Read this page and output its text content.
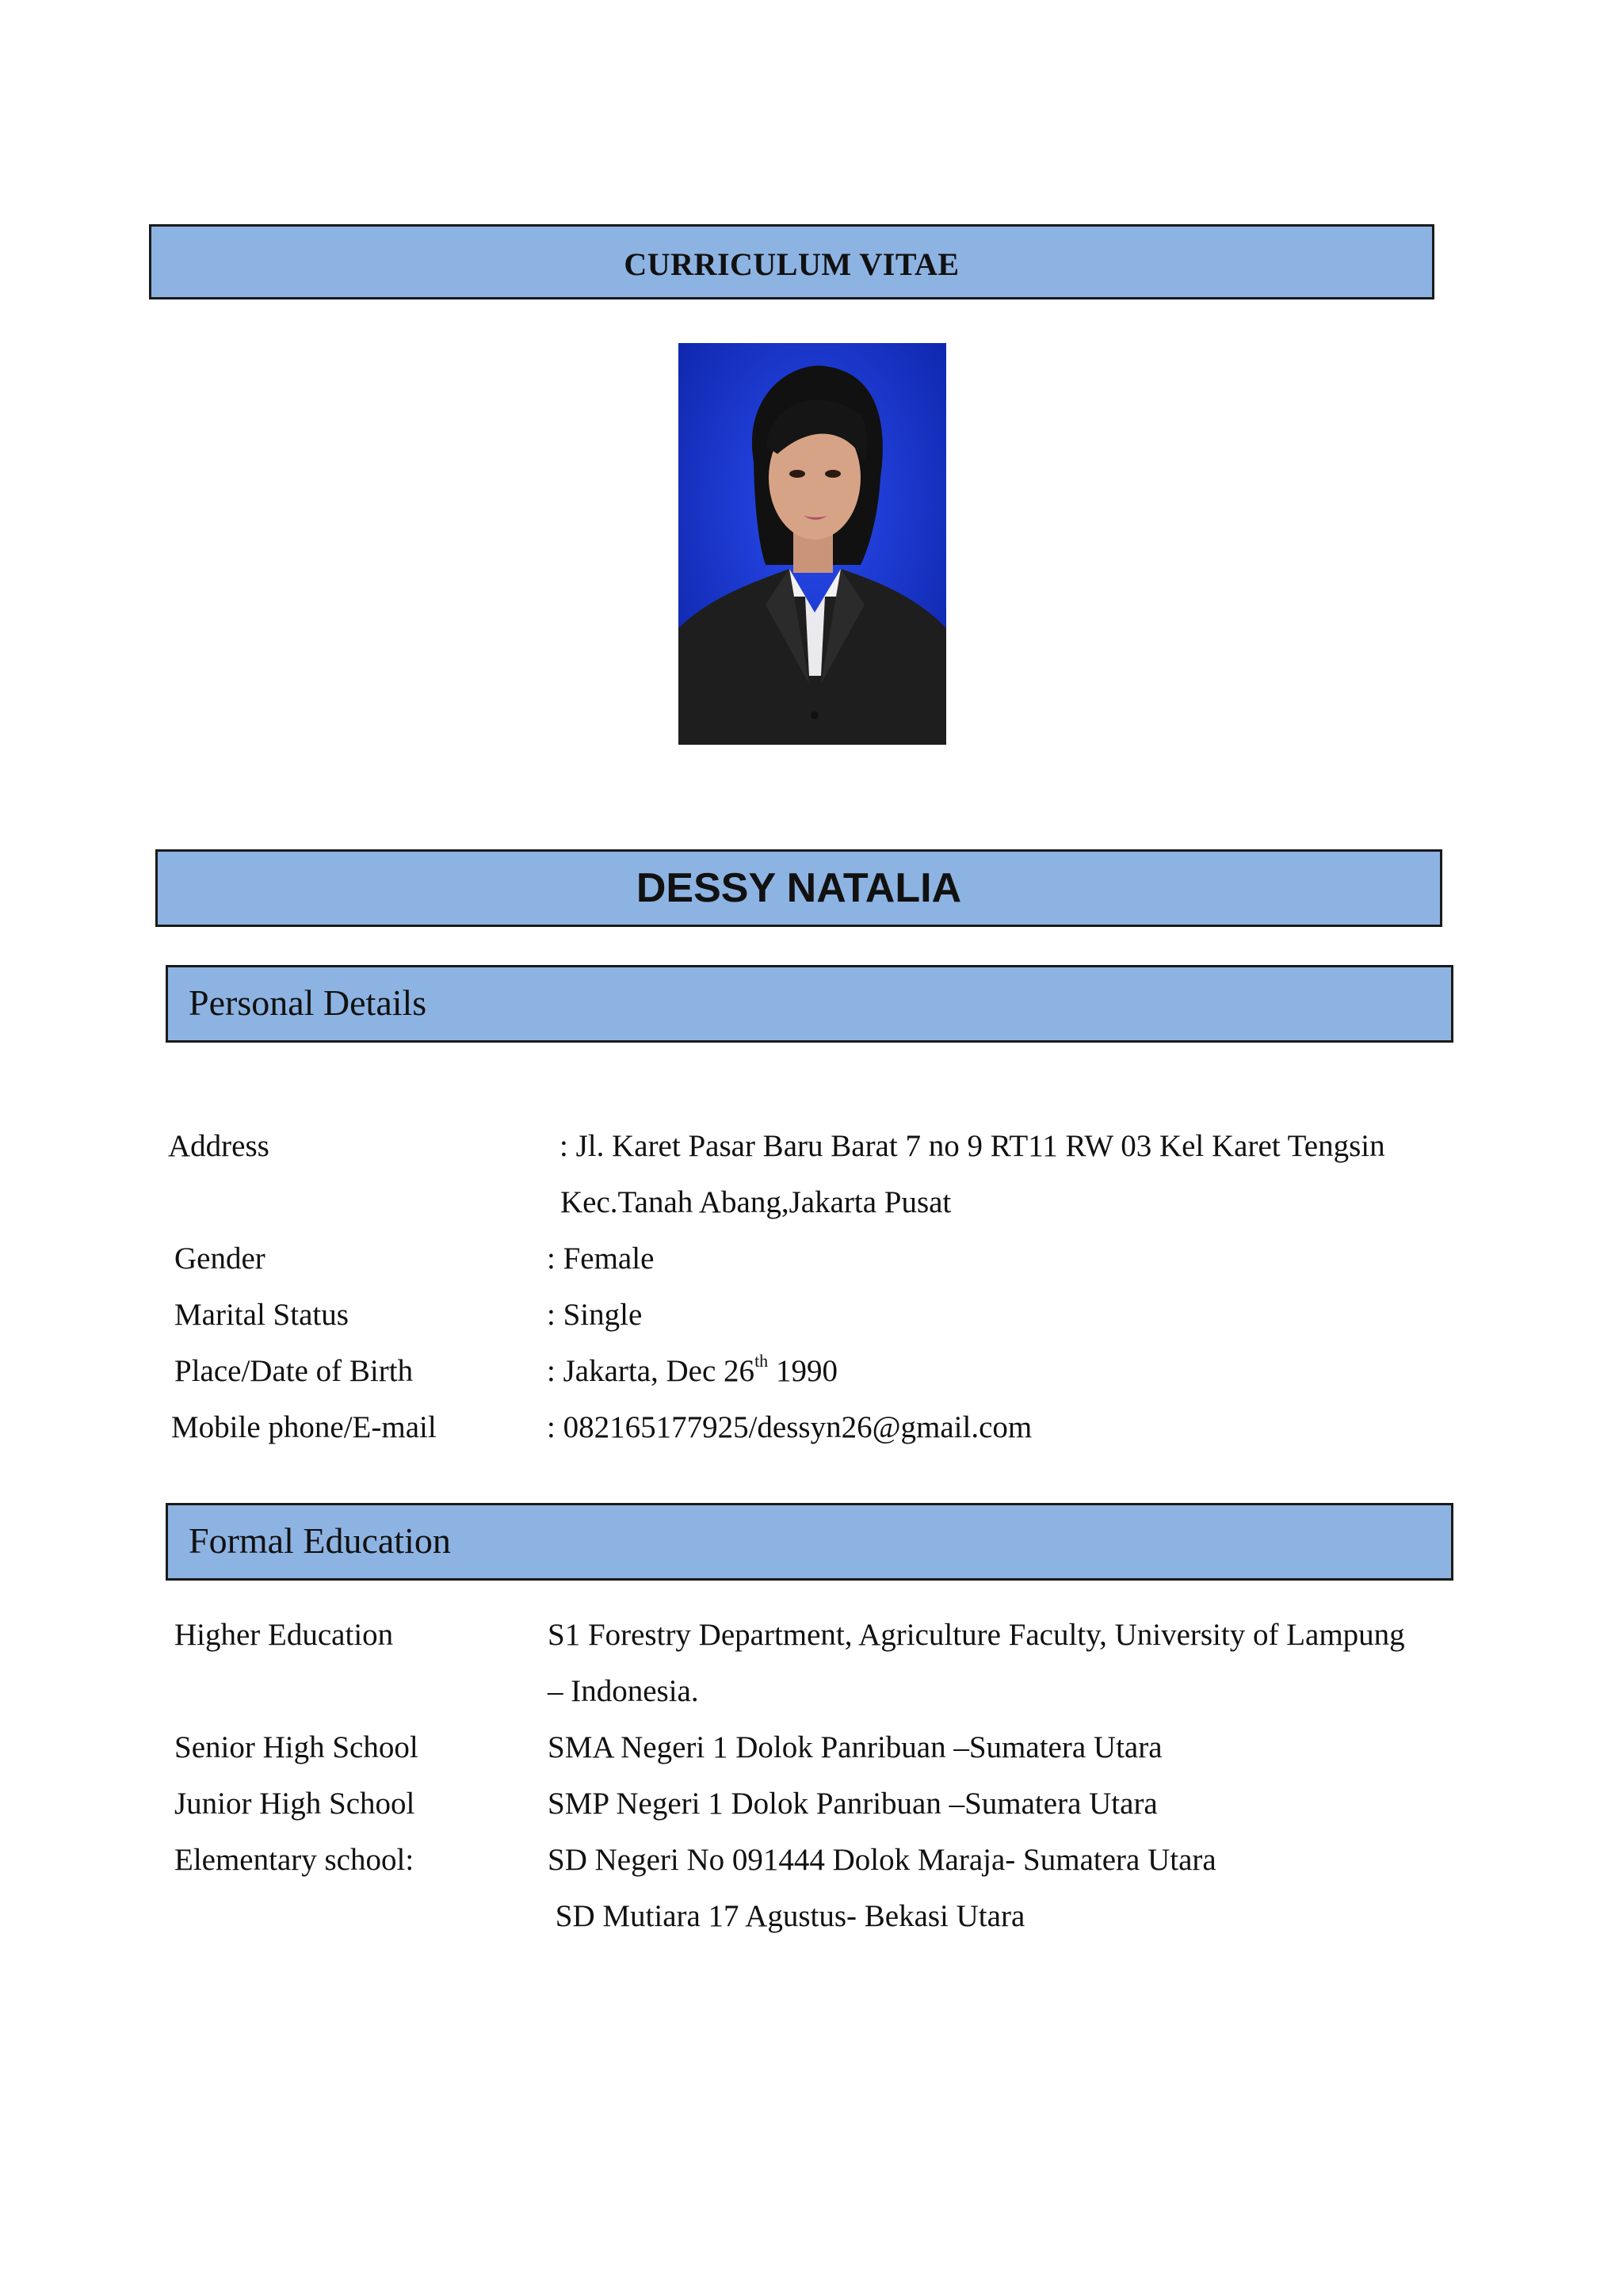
CURRICULUM VITAE
DESSY NATALIA
Personal Details
Address	: Jl. Karet Pasar Baru Barat 7 no 9 RT11 RW 03 Kel Karet Tengsin
Kec.Tanah Abang,Jakarta Pusat
Gender	: Female
Marital Status	: Single
Place/Date of Birth	: Jakarta, Dec 26th 1990
Mobile phone/E-mail	: 082165177925/dessyn26@gmail.com
Formal Education
Higher Education	S1 Forestry Department, Agriculture Faculty, University of Lampung
– Indonesia.
Senior High School	SMA Negeri 1 Dolok Panribuan –Sumatera Utara
Junior High School	SMP Negeri 1 Dolok Panribuan –Sumatera Utara
Elementary school:	SD Negeri No 091444 Dolok Maraja- Sumatera Utara
SD Mutiara 17 Agustus- Bekasi Utara
